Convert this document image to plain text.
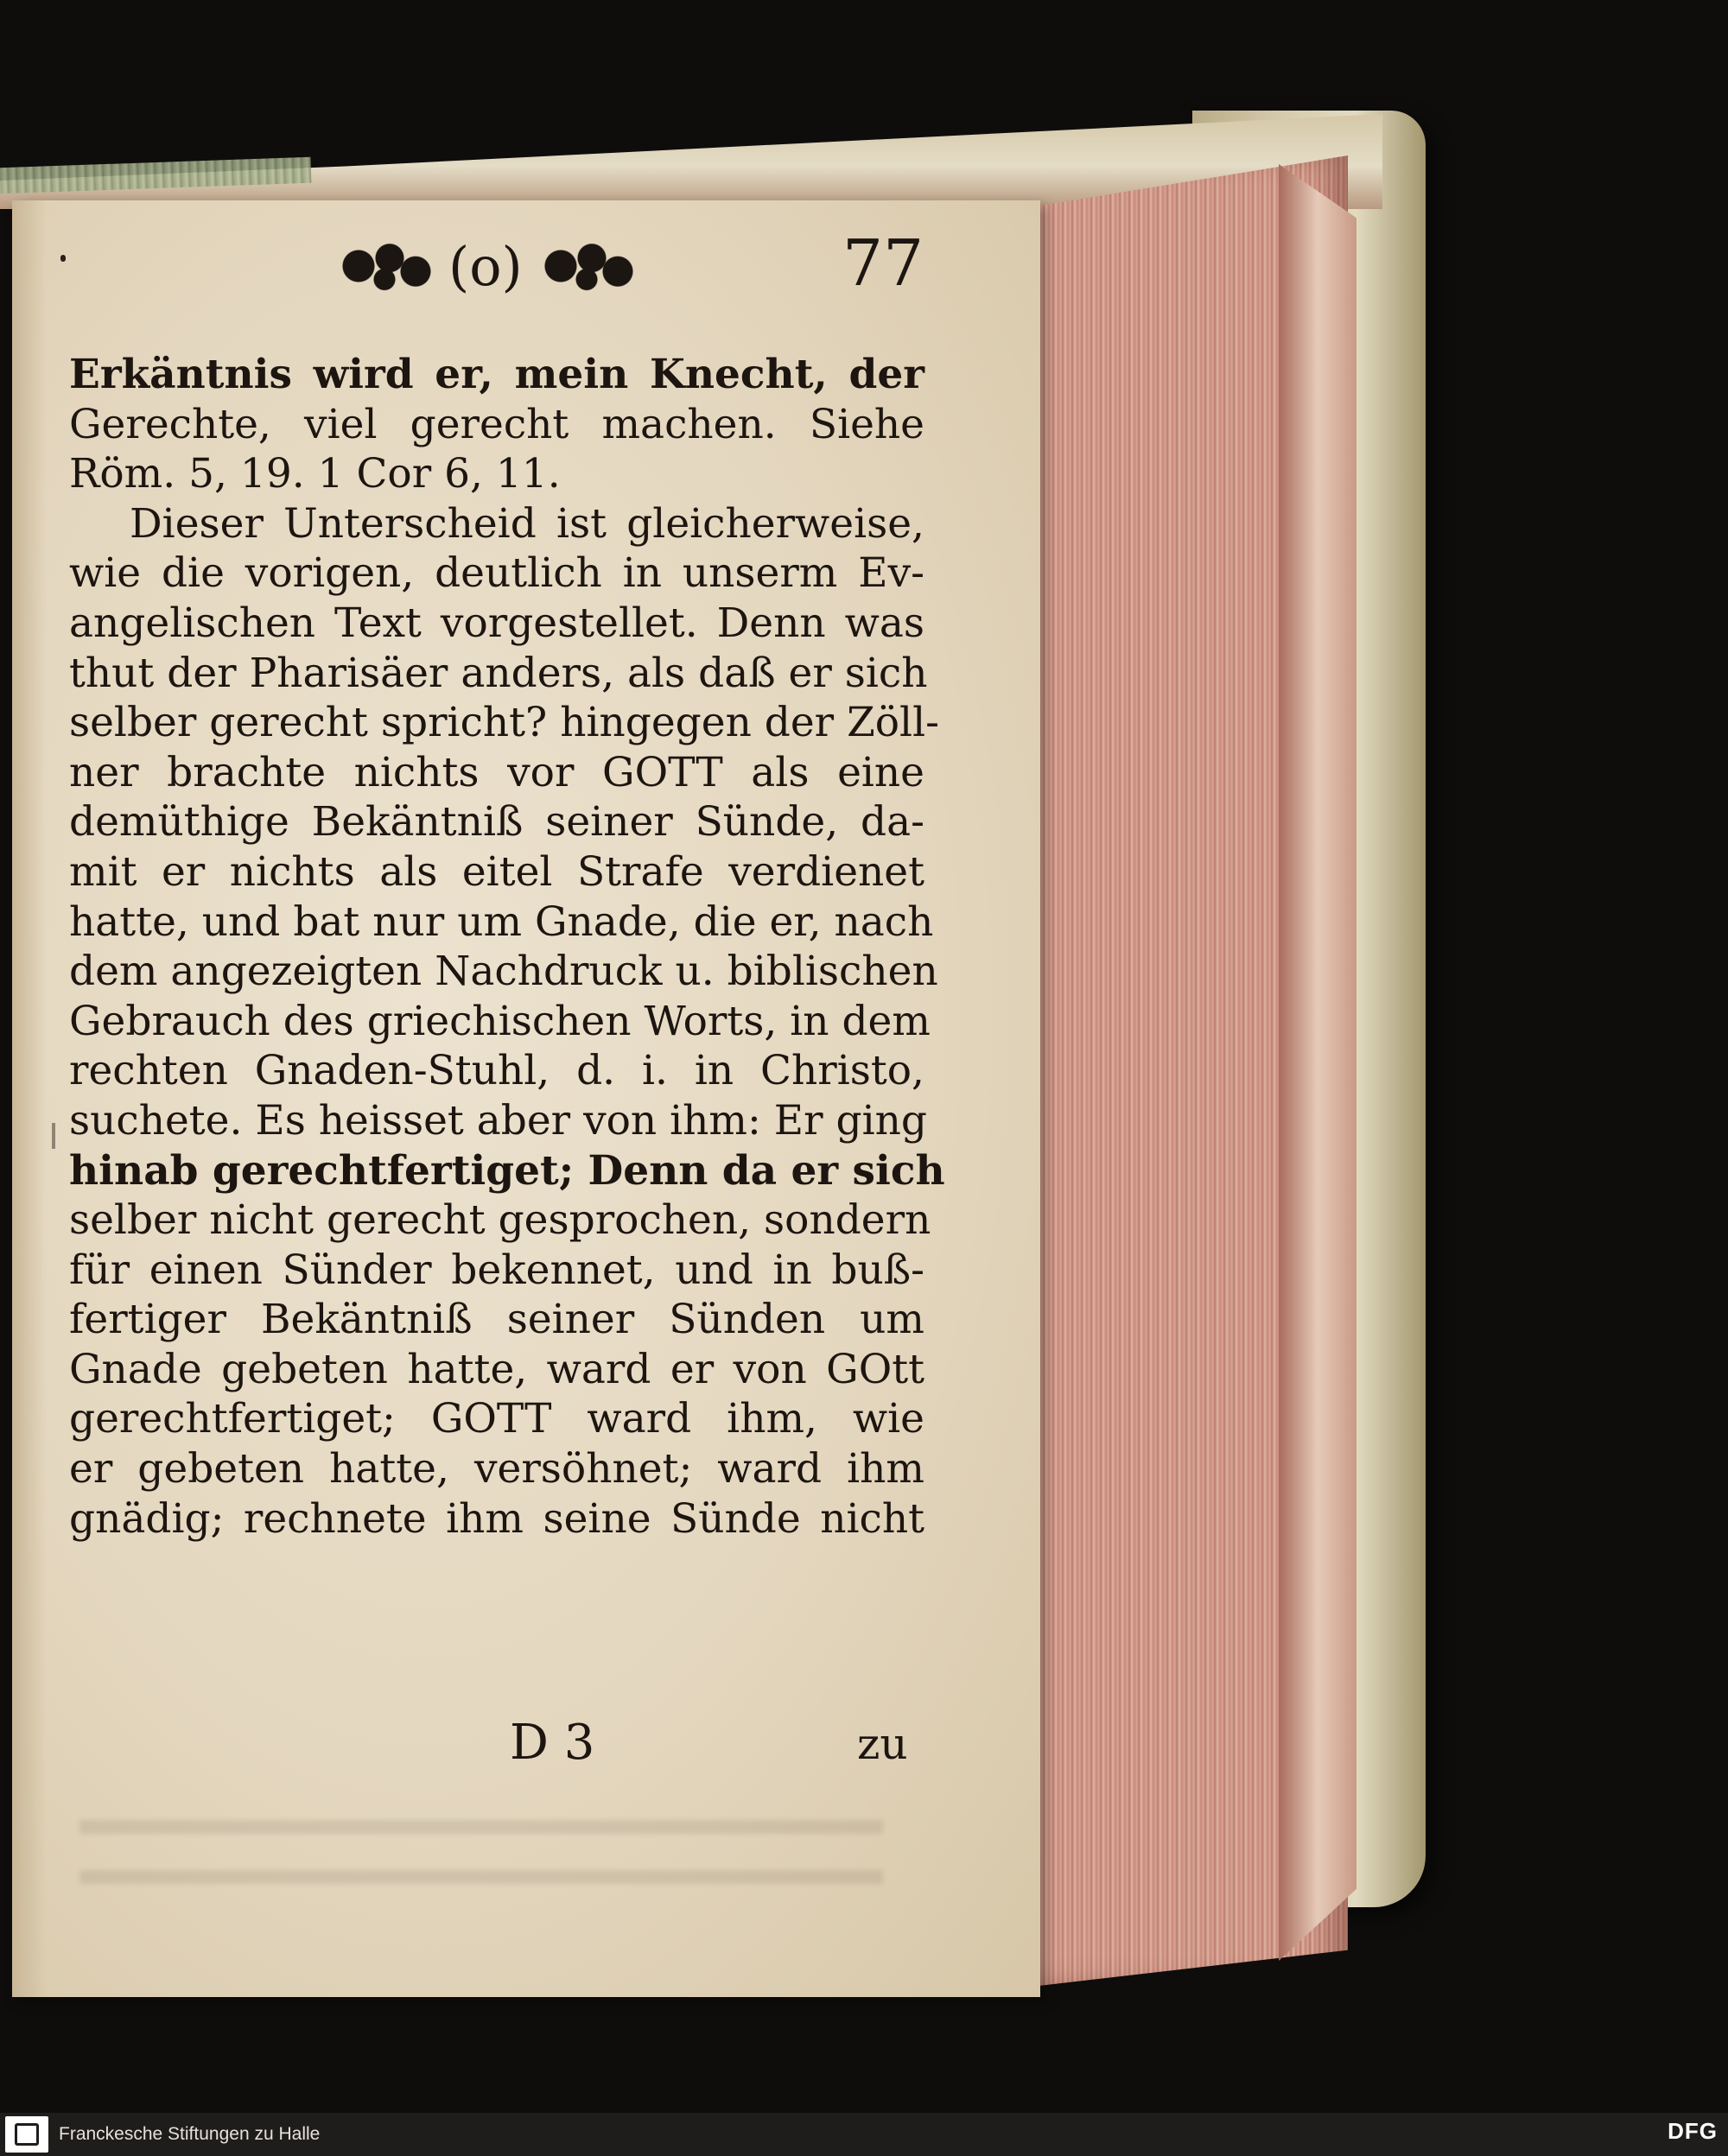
(o)	77
Erkäntnis wird er, mein Knecht, der
Gerechte, viel gerecht machen. Siehe
Röm. 5, 19. 1 Cor 6, 11.
Dieser Unterscheid ist gleicherweise,
wie die vorigen, deutlich in unserm Ev-
angelischen Text vorgestellet. Denn was
thut der Pharisäer anders, als daß er sich
selber gerecht spricht? hingegen der Zöll-
ner brachte nichts vor GOTT als eine
demüthige Bekäntniß seiner Sünde, da-
mit er nichts als eitel Strafe verdienet
hatte, und bat nur um Gnade, die er, nach
dem angezeigten Nachdruck u. biblischen
Gebrauch des griechischen Worts, in dem
rechten Gnaden-Stuhl, d. i. in Christo,
suchete. Es heisset aber von ihm: Er ging
hinab gerechtfertiget; Denn da er sich
selber nicht gerecht gesprochen, sondern
für einen Sünder bekennet, und in buß-
fertiger Bekäntniß seiner Sünden um
Gnade gebeten hatte, ward er von GOtt
gerechtfertiget; GOTT ward ihm, wie
er gebeten hatte, versöhnet; ward ihm
gnädig; rechnete ihm seine Sünde nicht
D 3	zu
Franckesche Stiftungen zu Halle	DFG
